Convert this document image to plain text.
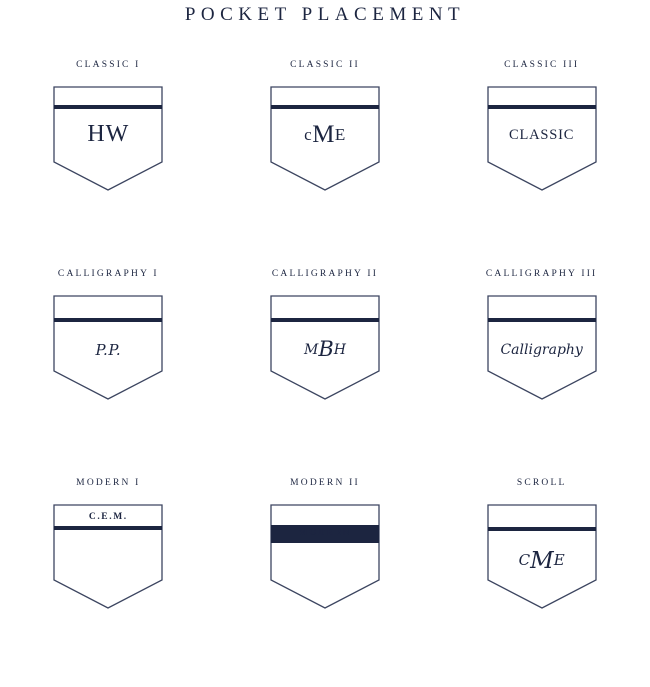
POCKET PLACEMENT
CLASSIC I
HW
CLASSIC II
cME
CLASSIC III
CLASSIC
CALLIGRAPHY I
P.P.
CALLIGRAPHY II
MBH
CALLIGRAPHY III
Calligraphy
MODERN I
C.E.M.
MODERN II
MODERN
SCROLL
CME
